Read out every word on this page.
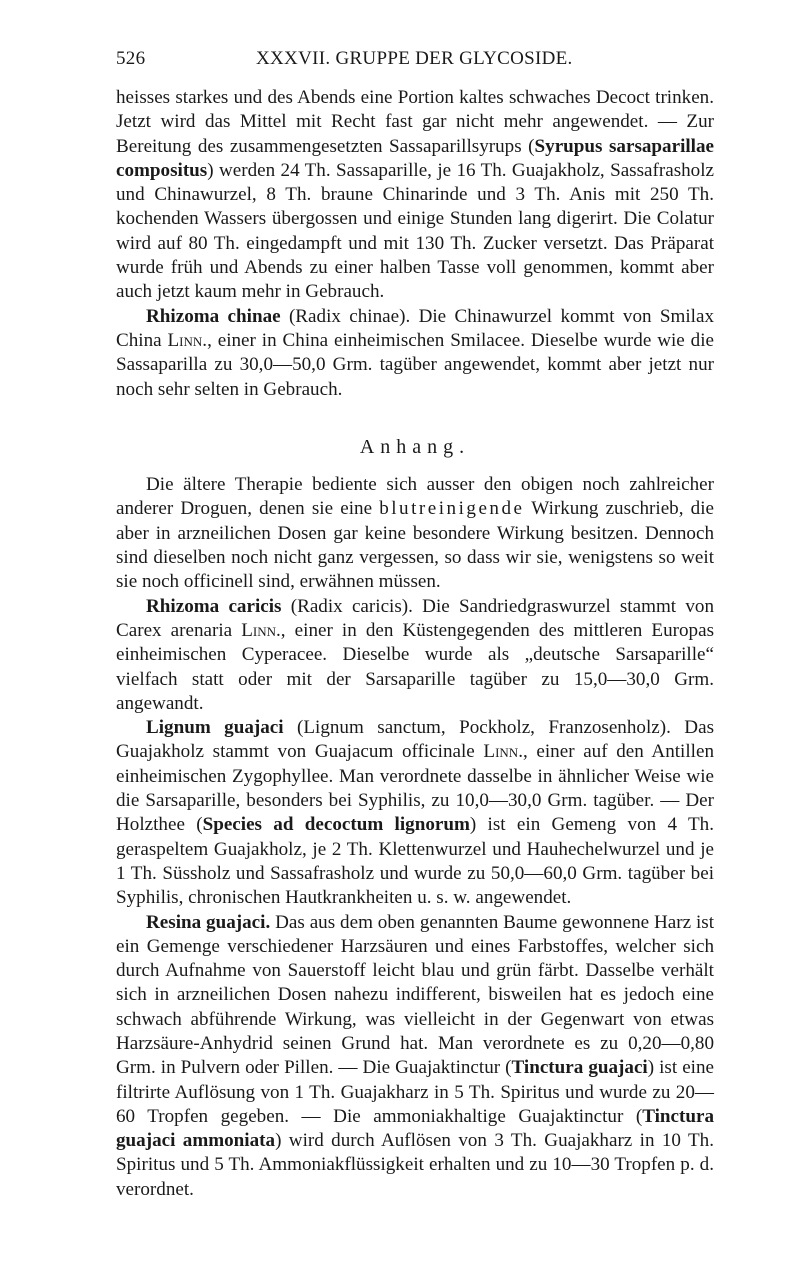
526	XXXVII. GRUPPE DER GLYCOSIDE.

heisses starkes und des Abends eine Portion kaltes schwaches Decoct trinken. Jetzt wird das Mittel mit Recht fast gar nicht mehr angewendet. — Zur Bereitung des zusammengesetzten Sassaparillsyrups (Syrupus sarsaparillae compositus) werden 24 Th. Sassaparille, je 16 Th. Guajakholz, Sassafrasholz und Chinawurzel, 8 Th. braune Chinarinde und 3 Th. Anis mit 250 Th. kochenden Wassers übergossen und einige Stunden lang digerirt. Die Colatur wird auf 80 Th. eingedampft und mit 130 Th. Zucker versetzt. Das Präparat wurde früh und Abends zu einer halben Tasse voll genommen, kommt aber auch jetzt kaum mehr in Gebrauch.

Rhizoma chinae (Radix chinae). Die Chinawurzel kommt von Smilax China Linn., einer in China einheimischen Smilacee. Dieselbe wurde wie die Sassaparilla zu 30,0—50,0 Grm. tagüber angewendet, kommt aber jetzt nur noch sehr selten in Gebrauch.

Anhang.

Die ältere Therapie bediente sich ausser den obigen noch zahlreicher anderer Droguen, denen sie eine blutreinigende Wirkung zuschrieb, die aber in arzneilichen Dosen gar keine besondere Wirkung besitzen. Dennoch sind dieselben noch nicht ganz vergessen, so dass wir sie, wenigstens so weit sie noch officinell sind, erwähnen müssen.

Rhizoma caricis (Radix caricis). Die Sandriedgraswurzel stammt von Carex arenaria Linn., einer in den Küstengegenden des mittleren Europas einheimischen Cyperacee. Dieselbe wurde als „deutsche Sarsaparille“ vielfach statt oder mit der Sarsaparille tagüber zu 15,0—30,0 Grm. angewandt.

Lignum guajaci (Lignum sanctum, Pockholz, Franzosenholz). Das Guajakholz stammt von Guajacum officinale Linn., einer auf den Antillen einheimischen Zygophyllee. Man verordnete dasselbe in ähnlicher Weise wie die Sarsaparille, besonders bei Syphilis, zu 10,0—30,0 Grm. tagüber. — Der Holzthee (Species ad decoctum lignorum) ist ein Gemeng von 4 Th. geraspeltem Guajakholz, je 2 Th. Klettenwurzel und Hauhechelwurzel und je 1 Th. Süssholz und Sassafrasholz und wurde zu 50,0—60,0 Grm. tagüber bei Syphilis, chronischen Hautkrankheiten u. s. w. angewendet.

Resina guajaci. Das aus dem oben genannten Baume gewonnene Harz ist ein Gemenge verschiedener Harzsäuren und eines Farbstoffes, welcher sich durch Aufnahme von Sauerstoff leicht blau und grün färbt. Dasselbe verhält sich in arzneilichen Dosen nahezu indifferent, bisweilen hat es jedoch eine schwach abführende Wirkung, was vielleicht in der Gegenwart von etwas Harzsäure-Anhydrid seinen Grund hat. Man verordnete es zu 0,20—0,80 Grm. in Pulvern oder Pillen. — Die Guajaktinctur (Tinctura guajaci) ist eine filtrirte Auflösung von 1 Th. Guajakharz in 5 Th. Spiritus und wurde zu 20—60 Tropfen gegeben. — Die ammoniakhaltige Guajaktinctur (Tinctura guajaci ammoniata) wird durch Auflösen von 3 Th. Guajakharz in 10 Th. Spiritus und 5 Th. Ammoniakflüssigkeit erhalten und zu 10—30 Tropfen p. d. verordnet.
